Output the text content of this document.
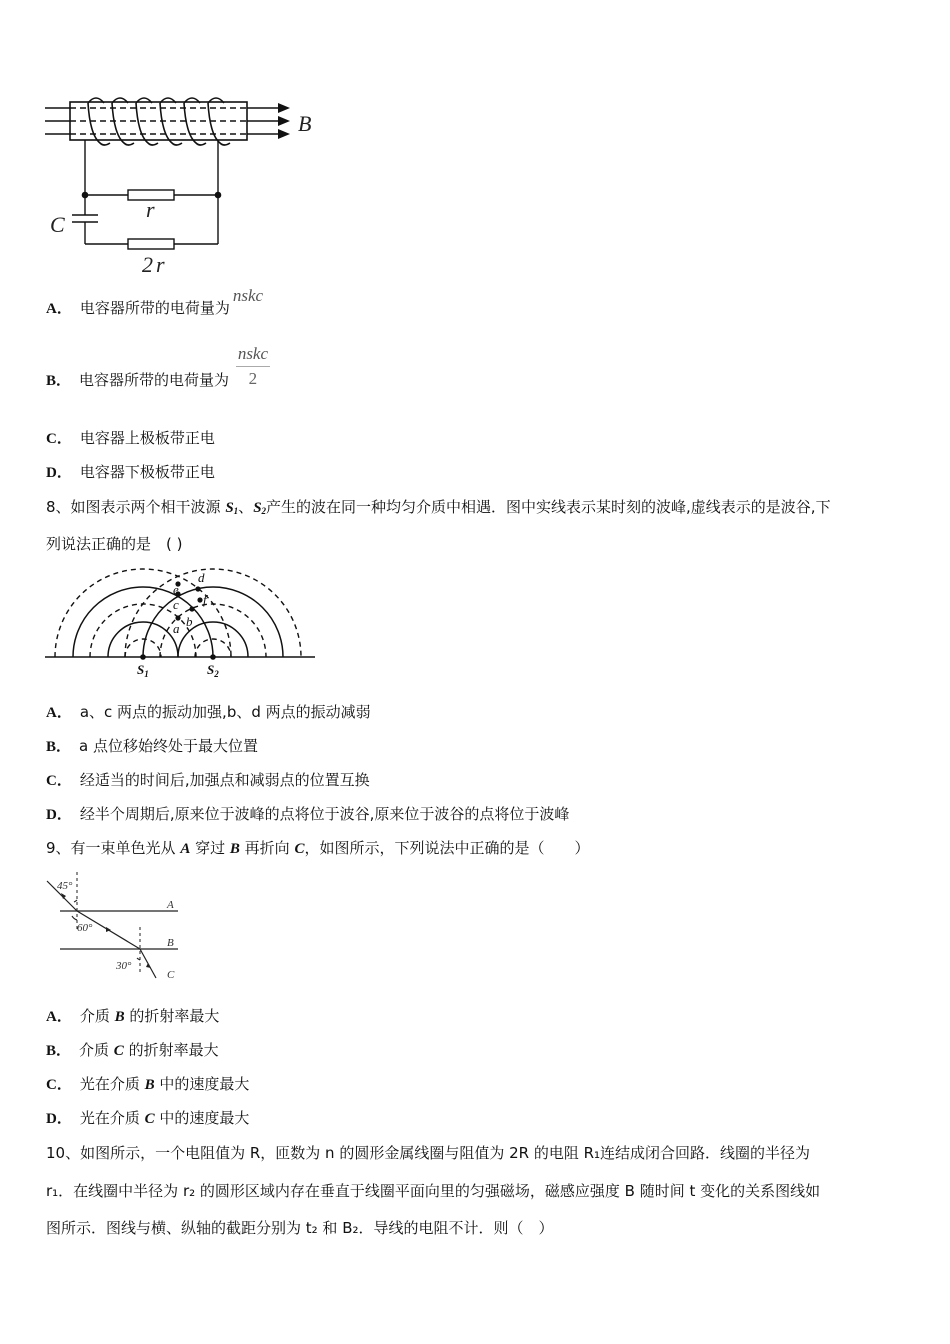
B
r
C
2r
A． 电容器所带的电荷量为nskc
B． 电容器所带的电荷量为 $\frac{\text{nskc}}{2}$
C． 电容器上极板带正电
D． 电容器下极板带正电
8、如图表示两个相干波源 $S_1$、$S_2$产生的波在同一种均匀介质中相遇．图中实线表示某时刻的波峰,虚线表示的是波谷,下
列说法正确的是　( )
d
e
f
c
b
a
$S_1$	$S_2$
A． a、c 两点的振动加强,b、d 两点的振动减弱
B． a 点位移始终处于最大位置
C． 经适当的时间后,加强点和减弱点的位置互换
D． 经半个周期后,原来位于波峰的点将位于波谷,原来位于波谷的点将位于波峰
9、有一束单色光从 A 穿过 B 再折向 C，如图所示，下列说法中正确的是（　　）
45°
60°
30°
A
B
C
A． 介质 B 的折射率最大
B． 介质 C 的折射率最大
C． 光在介质 B 中的速度最大
D． 光在介质 C 中的速度最大
10、如图所示，一个电阻值为 R，匝数为 n 的圆形金属线圈与阻值为 2R 的电阻 R₁连结成闭合回路．线圈的半径为
r₁．在线圈中半径为 r₂ 的圆形区域内存在垂直于线圈平面向里的匀强磁场，磁感应强度 B 随时间 t 变化的关系图线如
图所示．图线与横、纵轴的截距分别为 t₂ 和 B₂．导线的电阻不计．则（　）
